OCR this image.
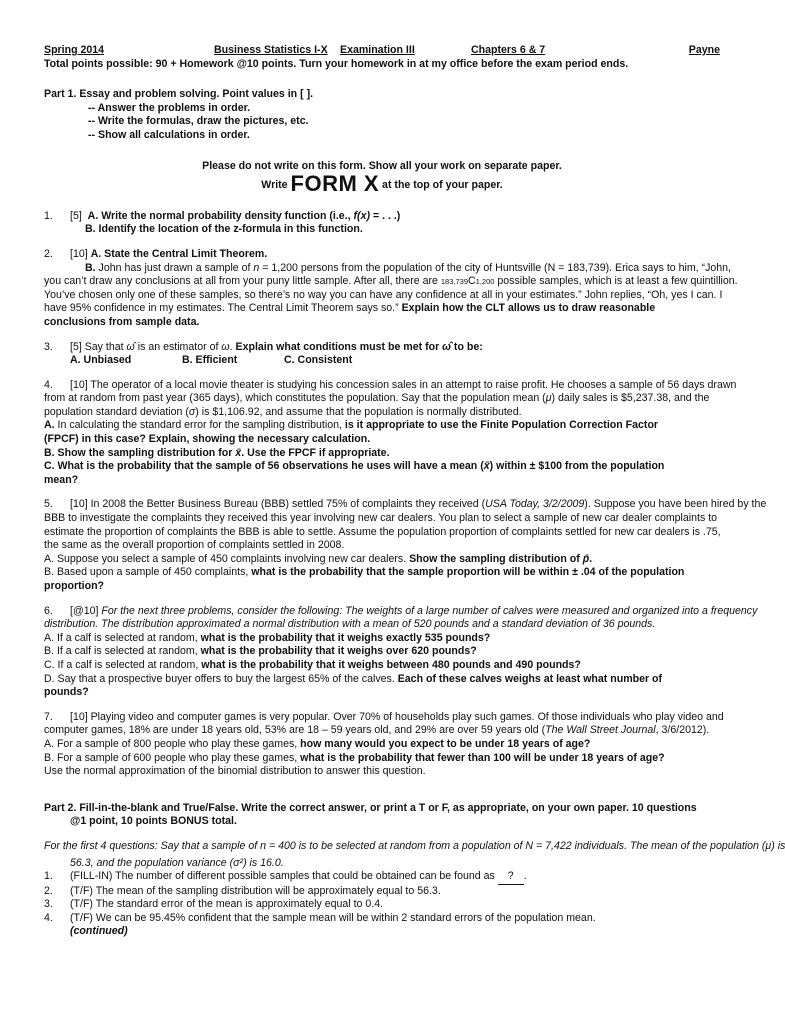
Spring 2014	Business Statistics I-X	Examination III	Chapters 6 & 7	Payne
Total points possible: 90 + Homework @10 points. Turn your homework in at my office before the exam period ends.
Part 1. Essay and problem solving. Point values in [ ].
-- Answer the problems in order.
-- Write the formulas, draw the pictures, etc.
-- Show all calculations in order.
Please do not write on this form. Show all your work on separate paper.
Write FORM X at the top of your paper.
1. [5] A. Write the normal probability density function (i.e., f(x) = . . .)
B. Identify the location of the z-formula in this function.
2. [10] A. State the Central Limit Theorem.
B. John has just drawn a sample of n = 1,200 persons from the population of the city of Huntsville (N = 183,739). Erica says to him, “John,
you can’t draw any conclusions at all from your puny little sample. After all, there are 183,739C1,200 possible samples, which is at least a few quintillion.
You’ve chosen only one of these samples, so there’s no way you can have any confidence at all in your estimates.” John replies, “Oh, yes I can. I
have 95% confidence in my estimates. The Central Limit Theorem says so.” Explain how the CLT allows us to draw reasonable
conclusions from sample data.
3. [5] Say that ω̂ is an estimator of ω. Explain what conditions must be met for ω̂ to be:
A. Unbiased	B. Efficient	C. Consistent
4. [10] The operator of a local movie theater is studying his concession sales in an attempt to raise profit. He chooses a sample of 56 days drawn
from at random from past year (365 days), which constitutes the population. Say that the population mean (μ) daily sales is $5,237.38, and the
population standard deviation (σ) is $1,106.92, and assume that the population is normally distributed.
A. In calculating the standard error for the sampling distribution, is it appropriate to use the Finite Population Correction Factor
(FPCF) in this case? Explain, showing the necessary calculation.
B. Show the sampling distribution for x̄. Use the FPCF if appropriate.
C. What is the probability that the sample of 56 observations he uses will have a mean (x̄) within ± $100 from the population
mean?
5. [10] In 2008 the Better Business Bureau (BBB) settled 75% of complaints they received (USA Today, 3/2/2009). Suppose you have been hired by the
BBB to investigate the complaints they received this year involving new car dealers. You plan to select a sample of new car dealer complaints to
estimate the proportion of complaints the BBB is able to settle. Assume the population proportion of complaints settled for new car dealers is .75,
the same as the overall proportion of complaints settled in 2008.
A. Suppose you select a sample of 450 complaints involving new car dealers. Show the sampling distribution of p̄.
B. Based upon a sample of 450 complaints, what is the probability that the sample proportion will be within ± .04 of the population
proportion?
6. [@10] For the next three problems, consider the following: The weights of a large number of calves were measured and organized into a frequency
distribution. The distribution approximated a normal distribution with a mean of 520 pounds and a standard deviation of 36 pounds.
A. If a calf is selected at random, what is the probability that it weighs exactly 535 pounds?
B. If a calf is selected at random, what is the probability that it weighs over 620 pounds?
C. If a calf is selected at random, what is the probability that it weighs between 480 pounds and 490 pounds?
D. Say that a prospective buyer offers to buy the largest 65% of the calves. Each of these calves weighs at least what number of
pounds?
7. [10] Playing video and computer games is very popular. Over 70% of households play such games. Of those individuals who play video and
computer games, 18% are under 18 years old, 53% are 18 – 59 years old, and 29% are over 59 years old (The Wall Street Journal, 3/6/2012).
A. For a sample of 800 people who play these games, how many would you expect to be under 18 years of age?
B. For a sample of 600 people who play these games, what is the probability that fewer than 100 will be under 18 years of age?
Use the normal approximation of the binomial distribution to answer this question.
Part 2. Fill-in-the-blank and True/False. Write the correct answer, or print a T or F, as appropriate, on your own paper. 10 questions
@1 point, 10 points BONUS total.
For the first 4 questions: Say that a sample of n = 400 is to be selected at random from a population of N = 7,422 individuals. The mean of the population (μ) is
56.3, and the population variance (σ²) is 16.0.
1. (FILL-IN) The number of different possible samples that could be obtained can be found as ? .
2. (T/F) The mean of the sampling distribution will be approximately equal to 56.3.
3. (T/F) The standard error of the mean is approximately equal to 0.4.
4. (T/F) We can be 95.45% confident that the sample mean will be within 2 standard errors of the population mean.
(continued)
